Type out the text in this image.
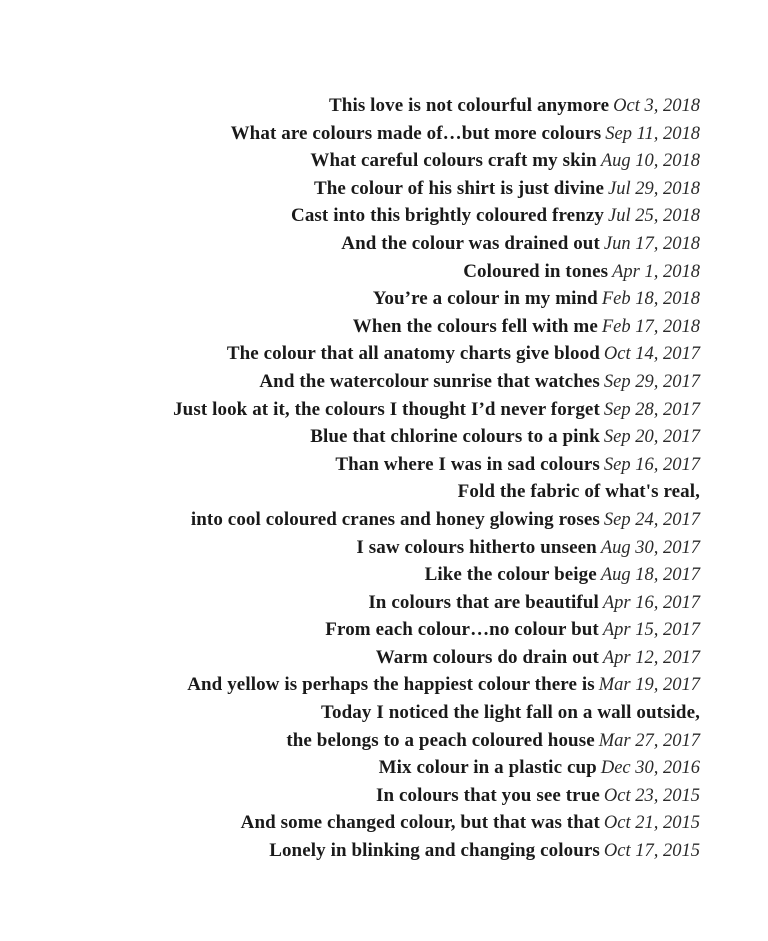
This love is not colourful anymore Oct 3, 2018
What are colours made of…but more colours Sep 11, 2018
What careful colours craft my skin Aug 10, 2018
The colour of his shirt is just divine Jul 29, 2018
Cast into this brightly coloured frenzy Jul 25, 2018
And the colour was drained out Jun 17, 2018
Coloured in tones Apr 1, 2018
You’re a colour in my mind Feb 18, 2018
When the colours fell with me Feb 17, 2018
The colour that all anatomy charts give blood Oct 14, 2017
And the watercolour sunrise that watches Sep 29, 2017
Just look at it, the colours I thought I’d never forget Sep 28, 2017
Blue that chlorine colours to a pink Sep 20, 2017
Than where I was in sad colours Sep 16, 2017
Fold the fabric of what's real,
into cool coloured cranes and honey glowing roses Sep 24, 2017
I saw colours hitherto unseen Aug 30, 2017
Like the colour beige Aug 18, 2017
In colours that are beautiful Apr 16, 2017
From each colour…no colour but Apr 15, 2017
Warm colours do drain out Apr 12, 2017
And yellow is perhaps the happiest colour there is Mar 19, 2017
Today I noticed the light fall on a wall outside,
the belongs to a peach coloured house Mar 27, 2017
Mix colour in a plastic cup Dec 30, 2016
In colours that you see true Oct 23, 2015
And some changed colour, but that was that Oct 21, 2015
Lonely in blinking and changing colours Oct 17, 2015
